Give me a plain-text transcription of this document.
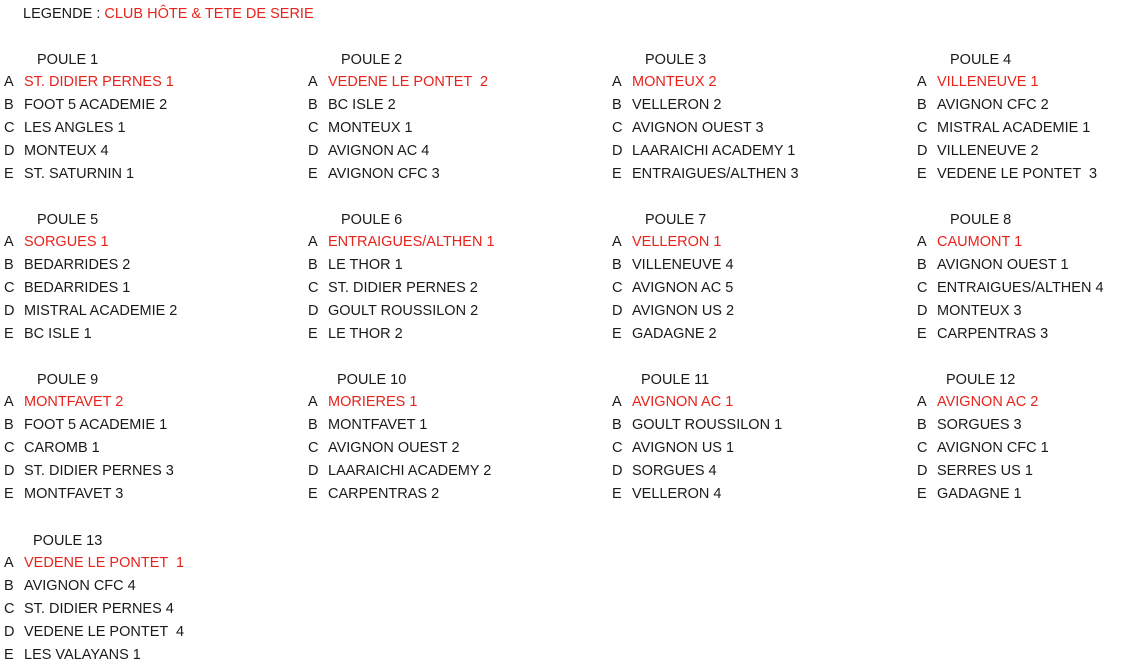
LEGENDE : CLUB HÔTE & TETE DE SERIE
POULE 1
A ST. DIDIER PERNES 1
B FOOT 5 ACADEMIE 2
C LES ANGLES 1
D MONTEUX 4
E ST. SATURNIN 1
POULE 2
A VEDENE LE PONTET  2
B BC ISLE 2
C MONTEUX 1
D AVIGNON AC 4
E AVIGNON CFC 3
POULE 3
A MONTEUX 2
B VELLERON 2
C AVIGNON OUEST 3
D LAARAICHI ACADEMY 1
E ENTRAIGUES/ALTHEN 3
POULE 4
A VILLENEUVE 1
B AVIGNON CFC 2
C MISTRAL ACADEMIE 1
D VILLENEUVE 2
E VEDENE LE PONTET  3
POULE 5
A SORGUES 1
B BEDARRIDES 2
C BEDARRIDES 1
D MISTRAL ACADEMIE 2
E BC ISLE 1
POULE 6
A ENTRAIGUES/ALTHEN 1
B LE THOR 1
C ST. DIDIER PERNES 2
D GOULT ROUSSILON 2
E LE THOR 2
POULE 7
A VELLERON 1
B VILLENEUVE 4
C AVIGNON AC 5
D AVIGNON US 2
E GADAGNE 2
POULE 8
A CAUMONT 1
B AVIGNON OUEST 1
C ENTRAIGUES/ALTHEN 4
D MONTEUX 3
E CARPENTRAS 3
POULE 9
A MONTFAVET 2
B FOOT 5 ACADEMIE 1
C CAROMB 1
D ST. DIDIER PERNES 3
E MONTFAVET 3
POULE 10
A MORIERES 1
B MONTFAVET 1
C AVIGNON OUEST 2
D LAARAICHI ACADEMY 2
E CARPENTRAS 2
POULE 11
A AVIGNON AC 1
B GOULT ROUSSILON 1
C AVIGNON US 1
D SORGUES 4
E VELLERON 4
POULE 12
A AVIGNON AC 2
B SORGUES 3
C AVIGNON CFC 1
D SERRES US 1
E GADAGNE 1
POULE 13
A VEDENE LE PONTET  1
B AVIGNON CFC 4
C ST. DIDIER PERNES 4
D VEDENE LE PONTET  4
E LES VALAYANS 1
